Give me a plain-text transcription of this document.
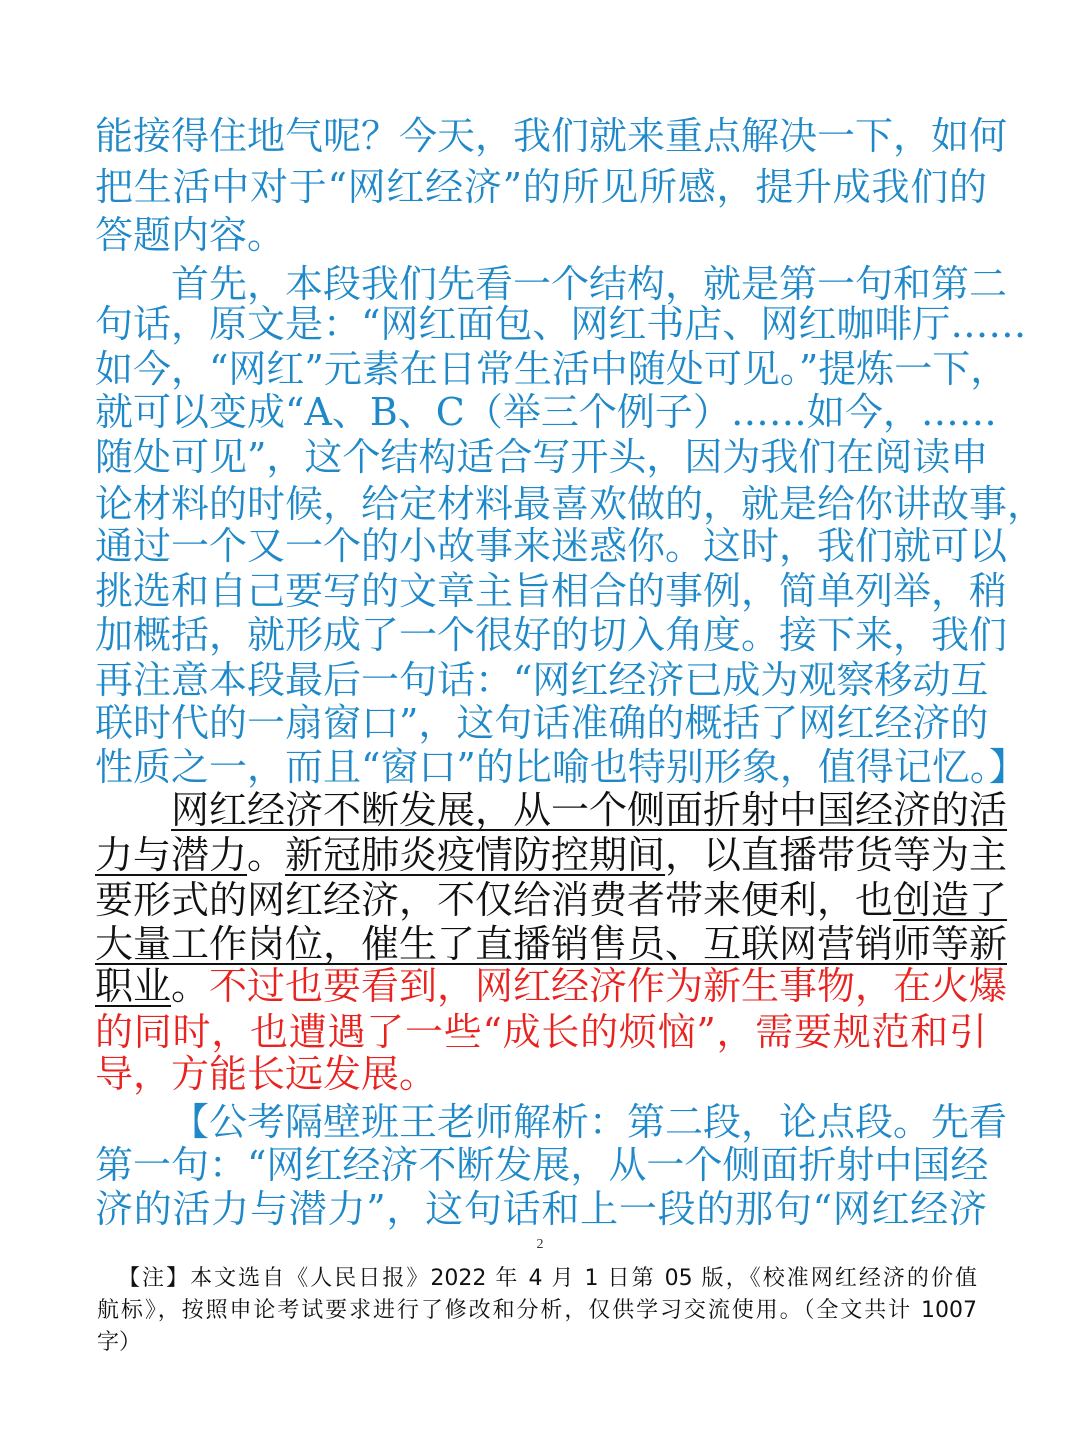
能接得住地气呢？今天，我们就来重点解决一下，如何
把生活中对于“网红经济”的所见所感，提升成我们的
答题内容。
首先，本段我们先看一个结构，就是第一句和第二
句话，原文是：“网红面包、网红书店、网红咖啡厅……
如今，“网红”元素在日常生活中随处可见。”提炼一下，
就可以变成“A、B、C（举三个例子）……如今，……
随处可见”，这个结构适合写开头，因为我们在阅读申
论材料的时候，给定材料最喜欢做的，就是给你讲故事，
通过一个又一个的小故事来迷惑你。这时，我们就可以
挑选和自己要写的文章主旨相合的事例，简单列举，稍
加概括，就形成了一个很好的切入角度。接下来，我们
再注意本段最后一句话：“网红经济已成为观察移动互
联时代的一扇窗口”，这句话准确的概括了网红经济的
性质之一，而且“窗口”的比喻也特别形象，值得记忆。】
网红经济不断发展，从一个侧面折射中国经济的活
力与潜力。新冠肺炎疫情防控期间，以直播带货等为主
要形式的网红经济，不仅给消费者带来便利，也创造了
大量工作岗位，催生了直播销售员、互联网营销师等新
职业。不过也要看到，网红经济作为新生事物，在火爆
的同时，也遭遇了一些“成长的烦恼”，需要规范和引
导，方能长远发展。
【公考隔壁班王老师解析：第二段，论点段。先看
第一句：“网红经济不断发展，从一个侧面折射中国经
济的活力与潜力”，这句话和上一段的那句“网红经济
2
【注】本文选自《人民日报》2022 年 4 月 1 日第 05 版，《校准网红经济的价值
航标》，按照申论考试要求进行了修改和分析，仅供学习交流使用。（全文共计 1007
字）
